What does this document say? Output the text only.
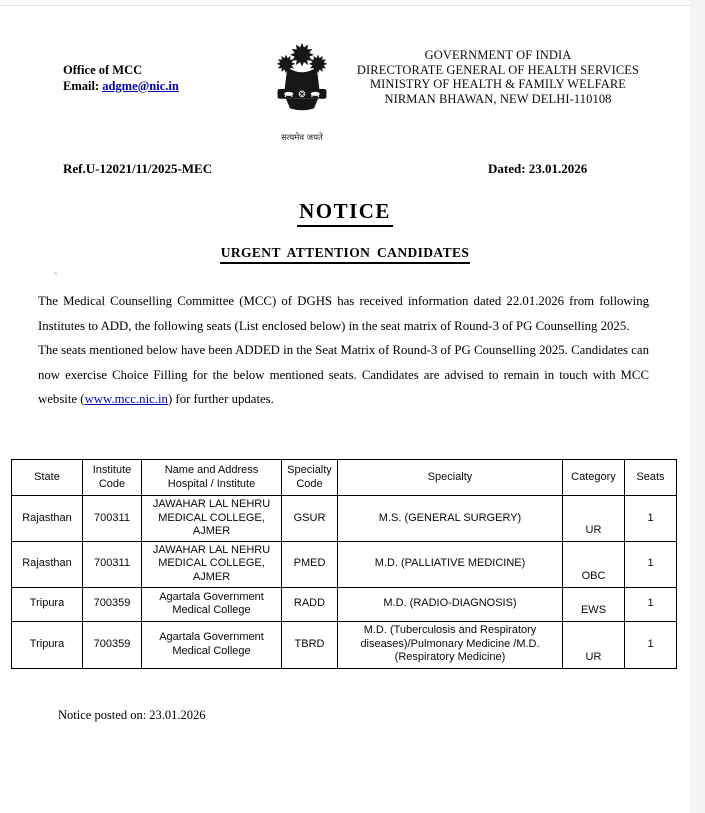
Office of MCC
Email: adgme@nic.in
सत्यमेव जयते
GOVERNMENT OF INDIA
DIRECTORATE GENERAL OF HEALTH SERVICES
MINISTRY OF HEALTH & FAMILY WELFARE
NIRMAN BHAWAN, NEW DELHI-110108
Ref.U-12021/11/2025-MEC	Dated: 23.01.2026
NOTICE
URGENT ATTENTION CANDIDATES

The Medical Counselling Committee (MCC) of DGHS has received information dated 22.01.2026 from following Institutes to ADD, the following seats (List enclosed below) in the seat matrix of Round-3 of PG Counselling 2025.

The seats mentioned below have been ADDED in the Seat Matrix of Round-3 of PG Counselling 2025. Candidates can now exercise Choice Filling for the below mentioned seats. Candidates are advised to remain in touch with MCC website (www.mcc.nic.in) for further updates.

State	Institute Code	Name and Address Hospital / Institute	Specialty Code	Specialty	Category	Seats
Rajasthan	700311	JAWAHAR LAL NEHRU MEDICAL COLLEGE, AJMER	GSUR	M.S. (GENERAL SURGERY)	UR	1
Rajasthan	700311	JAWAHAR LAL NEHRU MEDICAL COLLEGE, AJMER	PMED	M.D. (PALLIATIVE MEDICINE)	OBC	1
Tripura	700359	Agartala Government Medical College	RADD	M.D. (RADIO-DIAGNOSIS)	EWS	1
Tripura	700359	Agartala Government Medical College	TBRD	M.D. (Tuberculosis and Respiratory diseases)/Pulmonary Medicine /M.D. (Respiratory Medicine)	UR	1
Notice posted on: 23.01.2026
